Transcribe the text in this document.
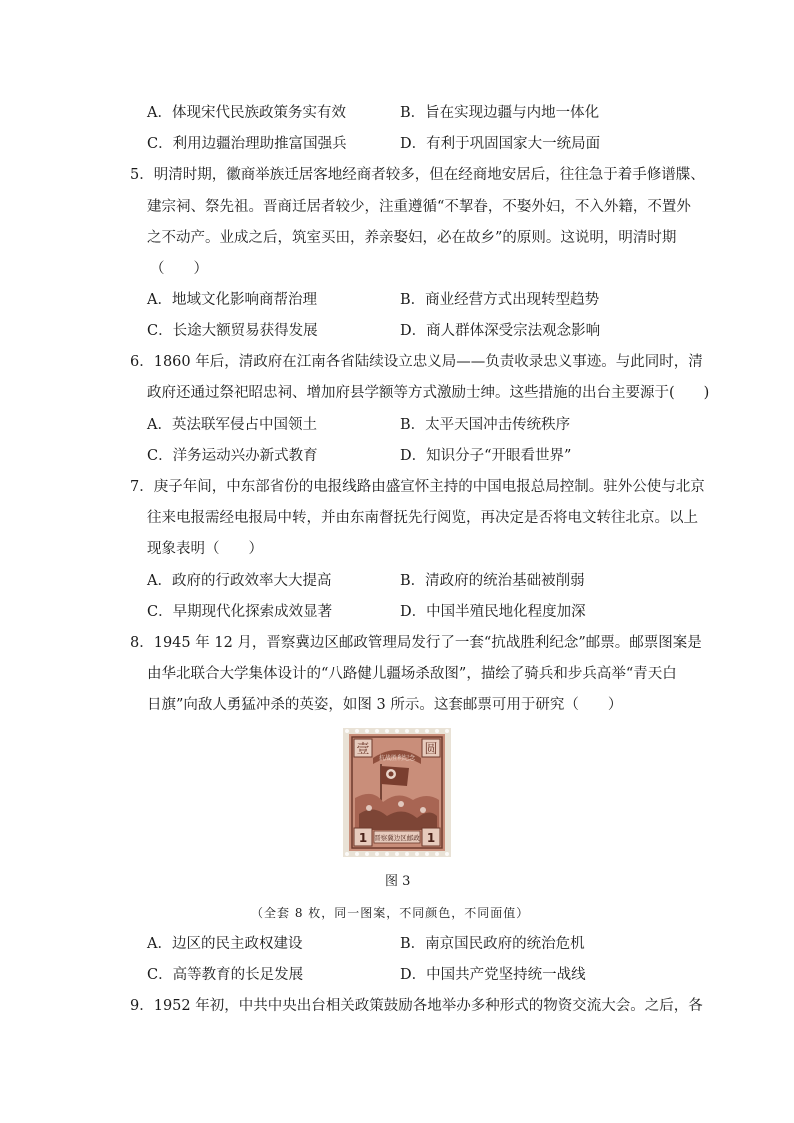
A．体现宋代民族政策务实有效	B．旨在实现边疆与内地一体化
C．利用边疆治理助推富国强兵	D．有利于巩固国家大一统局面
5．明清时期，徽商举族迁居客地经商者较多，但在经商地安居后，往往急于着手修谱牒、
建宗祠、祭先祖。晋商迁居者较少，注重遵循“不挈眷，不娶外妇，不入外籍，不置外
之不动产。业成之后，筑室买田，养亲娶妇，必在故乡”的原则。这说明，明清时期
（　　）
A．地域文化影响商帮治理	B．商业经营方式出现转型趋势
C．长途大额贸易获得发展	D．商人群体深受宗法观念影响
6．1860 年后，清政府在江南各省陆续设立忠义局——负责收录忠义事迹。与此同时，清
政府还通过祭祀昭忠祠、增加府县学额等方式激励士绅。这些措施的出台主要源于(　　)
A．英法联军侵占中国领土	B．太平天国冲击传统秩序
C．洋务运动兴办新式教育	D．知识分子“开眼看世界”
7．庚子年间，中东部省份的电报线路由盛宣怀主持的中国电报总局控制。驻外公使与北京
往来电报需经电报局中转，并由东南督抚先行阅览，再决定是否将电文转往北京。以上
现象表明（　　）
A．政府的行政效率大大提高	B．清政府的统治基础被削弱
C．早期现代化探索成效显著	D．中国半殖民地化程度加深
8．1945 年 12 月，晋察冀边区邮政管理局发行了一套“抗战胜利纪念”邮票。邮票图案是
由华北联合大学集体设计的“八路健儿疆场杀敌图”，描绘了骑兵和步兵高举“青天白
日旗”向敌人勇猛冲杀的英姿，如图 3 所示。这套邮票可用于研究（　　）
壹	圆
抗战胜利纪念
1	1
晋察冀边区邮政
图 3
（全套 8 枚，同一图案，不同颜色，不同面值）
A．边区的民主政权建设	B．南京国民政府的统治危机
C．高等教育的长足发展	D．中国共产党坚持统一战线
9．1952 年初，中共中央出台相关政策鼓励各地举办多种形式的物资交流大会。之后，各
